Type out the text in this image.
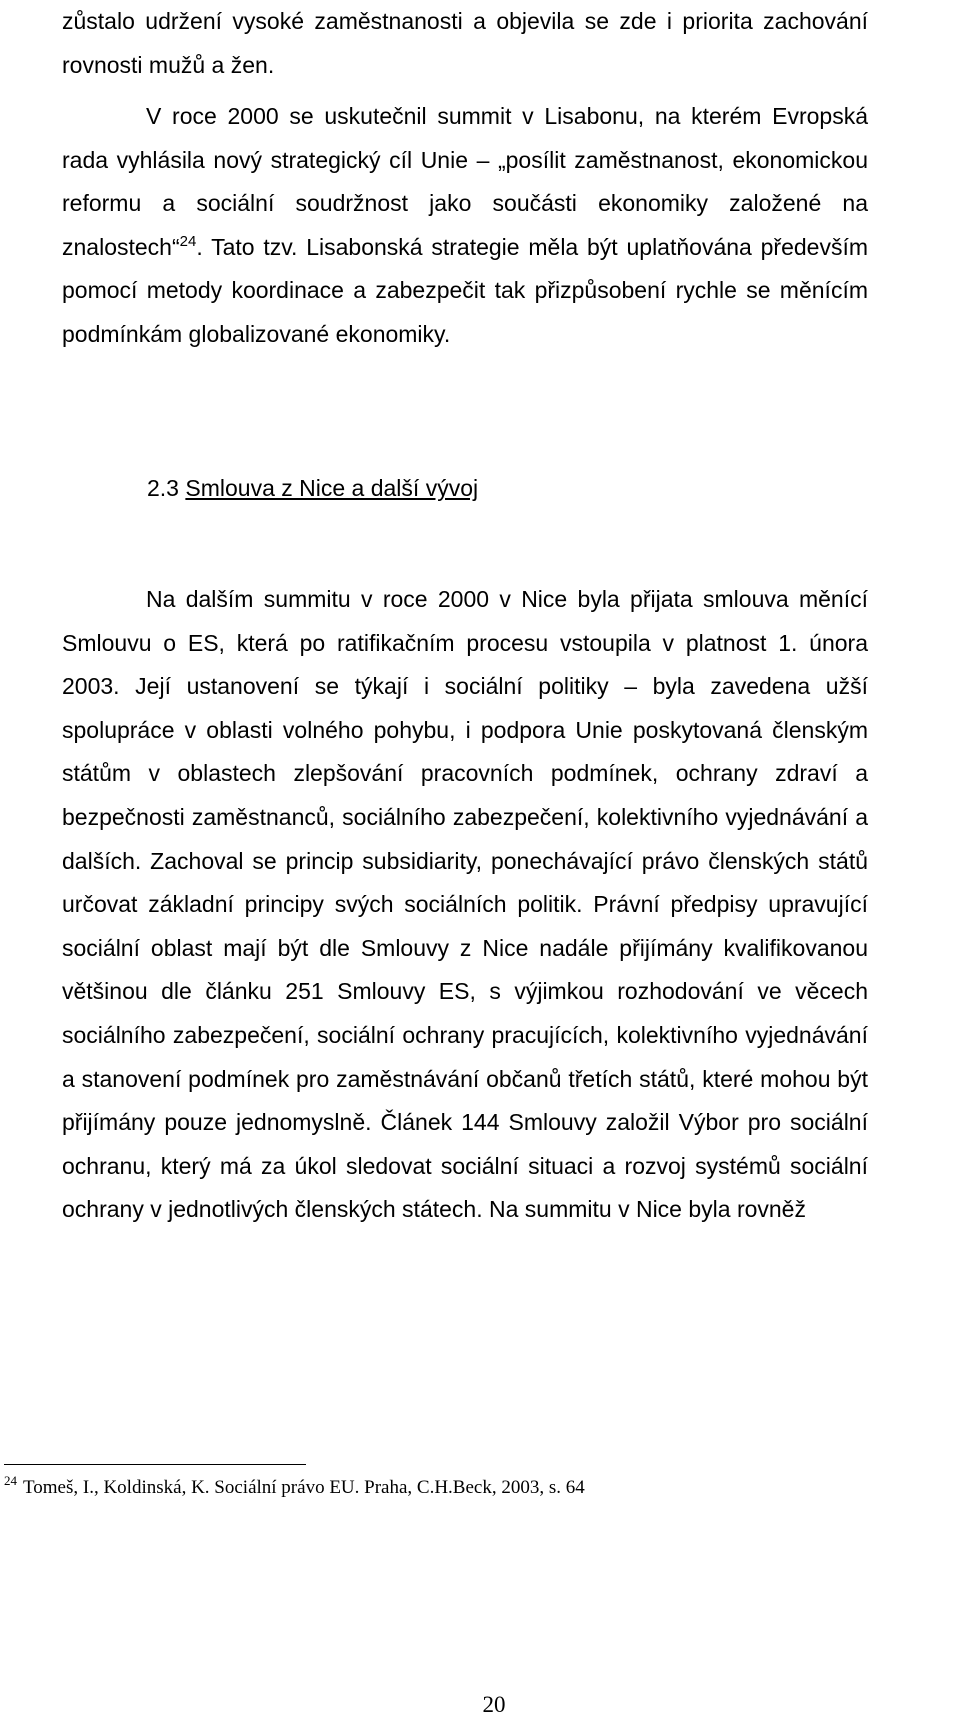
zůstalo udržení vysoké zaměstnanosti a objevila se zde i priorita zachování rovnosti mužů a žen.

V roce 2000 se uskutečnil summit v Lisabonu, na kterém Evropská rada vyhlásila nový strategický cíl Unie – „posílit zaměstnanost, ekonomickou reformu a sociální soudržnost jako součásti ekonomiky založené na znalostech“$^{24}$. Tato tzv. Lisabonská strategie měla být uplatňována především pomocí metody koordinace a zabezpečit tak přizpůsobení rychle se měnícím podmínkám globalizované ekonomiky.

2.3 Smlouva z Nice a další vývoj

Na dalším summitu v roce 2000 v Nice byla přijata smlouva měnící Smlouvu o ES, která po ratifikačním procesu vstoupila v platnost 1. února 2003. Její ustanovení se týkají i sociální politiky – byla zavedena užší spolupráce v oblasti volného pohybu, i podpora Unie poskytovaná členským státům v oblastech zlepšování pracovních podmínek, ochrany zdraví a bezpečnosti zaměstnanců, sociálního zabezpečení, kolektivního vyjednávání a dalších. Zachoval se princip subsidiarity, ponechávající právo členských států určovat základní principy svých sociálních politik. Právní předpisy upravující sociální oblast mají být dle Smlouvy z Nice nadále přijímány kvalifikovanou většinou dle článku 251 Smlouvy ES, s výjimkou rozhodování ve věcech sociálního zabezpečení, sociální ochrany pracujících, kolektivního vyjednávání a stanovení podmínek pro zaměstnávání občanů třetích států, které mohou být přijímány pouze jednomyslně. Článek 144 Smlouvy založil Výbor pro sociální ochranu, který má za úkol sledovat sociální situaci a rozvoj systémů sociální ochrany v jednotlivých členských státech. Na summitu v Nice byla rovněž

$^{24}$ Tomeš, I., Koldinská, K. Sociální právo EU. Praha, C.H.Beck, 2003, s. 64

20
